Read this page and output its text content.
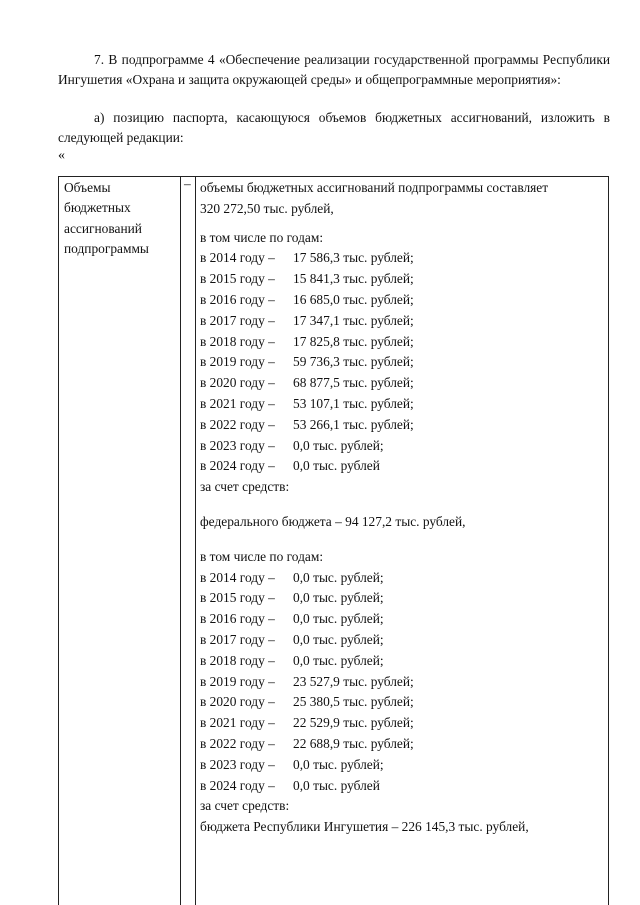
7. В подпрограмме 4 «Обеспечение реализации государственной программы Республики Ингушетия «Охрана и защита окружающей среды» и общепрограммные мероприятия»:

а) позицию паспорта, касающуюся объемов бюджетных ассигнований, изложить в следующей редакции:

«
Объемы
бюджетных
ассигнований
подпрограммы
– объемы бюджетных ассигнований подпрограммы составляет
320 272,50 тыс. рублей,
в том числе по годам:
в 2014 году – 17 586,3 тыс. рублей;
в 2015 году – 15 841,3 тыс. рублей;
в 2016 году – 16 685,0 тыс. рублей;
в 2017 году – 17 347,1 тыс. рублей;
в 2018 году – 17 825,8 тыс. рублей;
в 2019 году – 59 736,3 тыс. рублей;
в 2020 году – 68 877,5 тыс. рублей;
в 2021 году – 53 107,1 тыс. рублей;
в 2022 году – 53 266,1 тыс. рублей;
в 2023 году – 0,0 тыс. рублей;
в 2024 году – 0,0 тыс. рублей
за счет средств:
федерального бюджета – 94 127,2 тыс. рублей,
в том числе по годам:
в 2014 году – 0,0 тыс. рублей;
в 2015 году – 0,0 тыс. рублей;
в 2016 году – 0,0 тыс. рублей;
в 2017 году – 0,0 тыс. рублей;
в 2018 году – 0,0 тыс. рублей;
в 2019 году – 23 527,9 тыс. рублей;
в 2020 году – 25 380,5 тыс. рублей;
в 2021 году – 22 529,9 тыс. рублей;
в 2022 году – 22 688,9 тыс. рублей;
в 2023 году – 0,0 тыс. рублей;
в 2024 году – 0,0 тыс. рублей
за счет средств:
бюджета Республики Ингушетия – 226 145,3 тыс. рублей,
